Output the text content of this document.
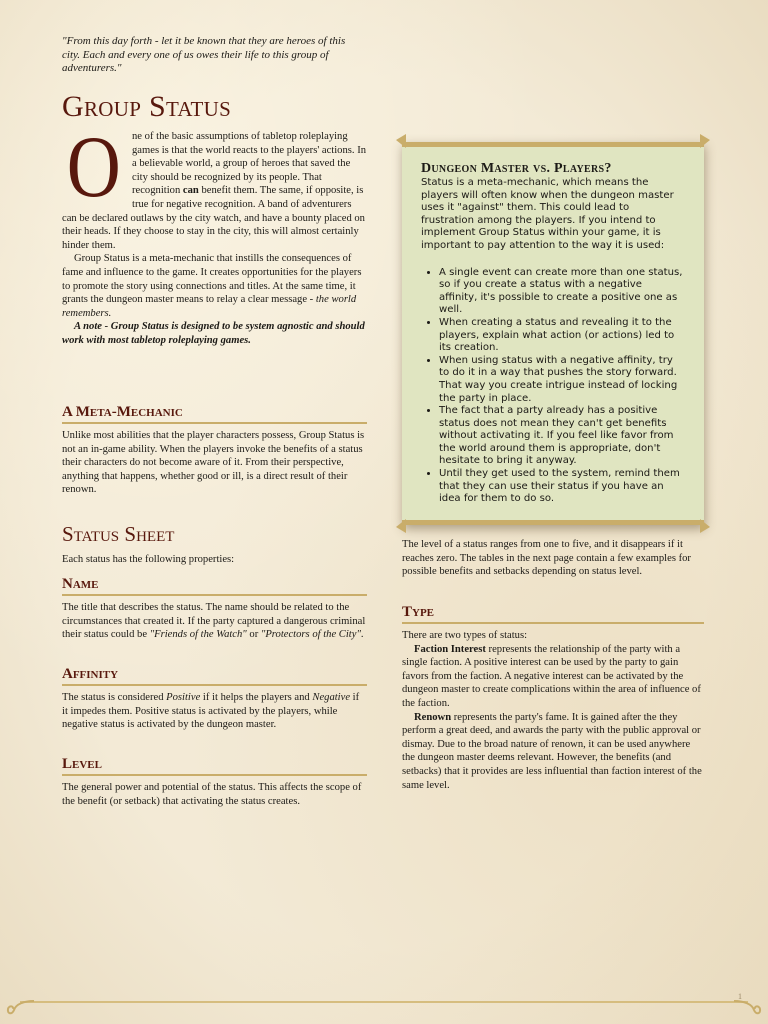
"From this day forth - let it be known that they are heroes of this city. Each and every one of us owes their life to this group of adventurers."

Group Status
O	ne of the basic assumptions of tabletop roleplaying games is that the world reacts to the players' actions. In a believable world, a group of heroes that saved the city should be recognized by its people. That recognition can benefit them. The same, if opposite, is true for negative recognition. A band of adventurers can be declared outlaws by the city watch, and have a bounty placed on their heads. If they choose to stay in the city, this will almost certainly hinder them.

Group Status is a meta-mechanic that instills the consequences of fame and influence to the game. It creates opportunities for the players to promote the story using connections and titles. At the same time, it grants the dungeon master means to relay a clear message - the world remembers.

A note - Group Status is designed to be system agnostic and should work with most tabletop roleplaying games.

A Meta-Mechanic

Unlike most abilities that the player characters possess, Group Status is not an in-game ability. When the players invoke the benefits of a status their characters do not become aware of it. From their perspective, anything that happens, whether good or ill, is a direct result of their renown.

Status Sheet

Each status has the following properties:

Name

The title that describes the status. The name should be related to the circumstances that created it. If the party captured a dangerous criminal their status could be "Friends of the Watch" or "Protectors of the City".

Affinity

The status is considered Positive if it helps the players and Negative if it impedes them. Positive status is activated by the players, while negative status is activated by the dungeon master.

Level

The general power and potential of the status. This affects the scope of the benefit (or setback) that activating the status creates.

Dungeon Master vs. Players?

Status is a meta-mechanic, which means the players will often know when the dungeon master uses it "against" them. This could lead to frustration among the players. If you intend to implement Group Status within your game, it is important to pay attention to the way it is used:

• A single event can create more than one status, so if you create a status with a negative affinity, it's possible to create a positive one as well.
• When creating a status and revealing it to the players, explain what action (or actions) led to its creation.
• When using status with a negative affinity, try to do it in a way that pushes the story forward. That way you create intrigue instead of locking the party in place.
• The fact that a party already has a positive status does not mean they can't get benefits without activating it. If you feel like favor from the world around them is appropriate, don't hesitate to bring it anyway.
• Until they get used to the system, remind them that they can use their status if you have an idea for them to do so.

The level of a status ranges from one to five, and it disappears if it reaches zero. The tables in the next page contain a few examples for possible benefits and setbacks depending on status level.

Type

There are two types of status:

Faction Interest represents the relationship of the party with a single faction. A positive interest can be used by the party to gain favors from the faction. A negative interest can be activated by the dungeon master to create complications within the area of influence of the faction.

Renown represents the party's fame. It is gained after the they perform a great deed, and awards the party with the public approval or dismay. Due to the broad nature of renown, it can be used anywhere the dungeon master deems relevant. However, the benefits (and setbacks) that it provides are less influential than faction interest of the same level.

1
